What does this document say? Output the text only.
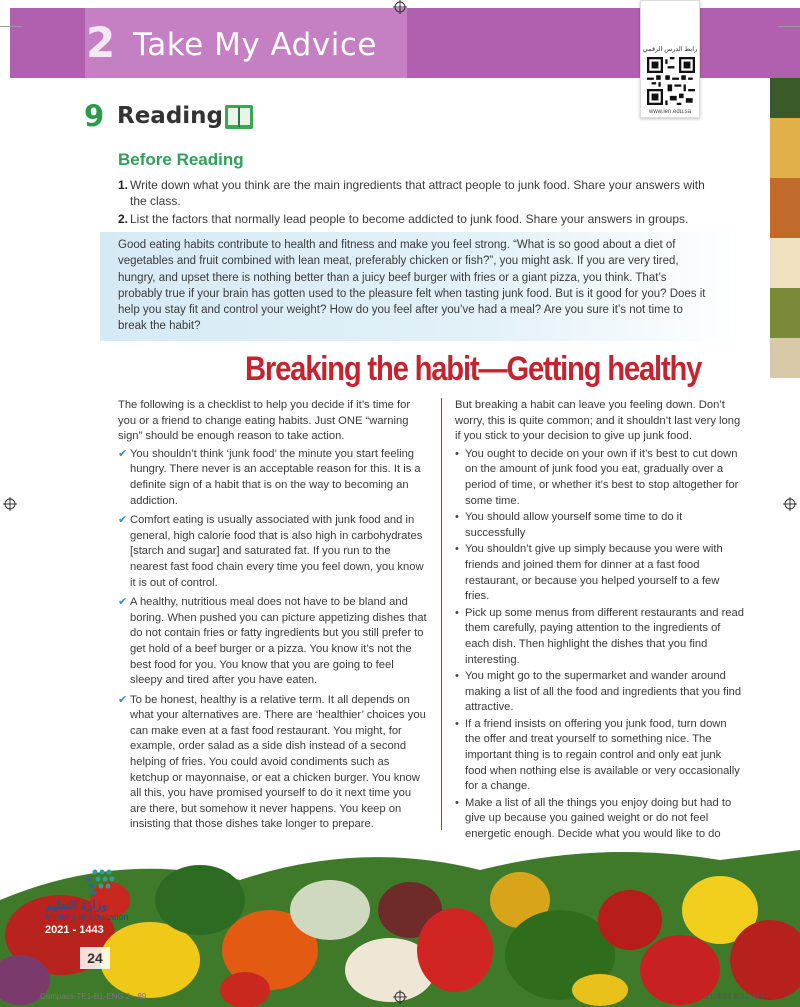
2 Take My Advice	رابط الدرس الرقمي
www.ien.edu.sa
9 Reading
Before Reading
1. Write down what you think are the main ingredients that attract people to junk food. Share your answers with the class.
2. List the factors that normally lead people to become addicted to junk food. Share your answers in groups.
Good eating habits contribute to health and fitness and make you feel strong. “What is so good about a diet of vegetables and fruit combined with lean meat, preferably chicken or fish?”, you might ask. If you are very tired, hungry, and upset there is nothing better than a juicy beef burger with fries or a giant pizza, you think. That’s probably true if your brain has gotten used to the pleasure felt when tasting junk food. But is it good for you? Does it help you stay fit and control your weight? How do you feel after you’ve had a meal? Are you sure it’s not time to break the habit?
Breaking the habit—Getting healthy
The following is a checklist to help you decide if it’s time for you or a friend to change eating habits. Just ONE “warning sign” should be enough reason to take action.
✔ You shouldn’t think ‘junk food’ the minute you start feeling hungry. There never is an acceptable reason for this. It is a definite sign of a habit that is on the way to becoming an addiction.
✔ Comfort eating is usually associated with junk food and in general, high calorie food that is also high in carbohydrates [starch and sugar] and saturated fat. If you run to the nearest fast food chain every time you feel down, you know it is out of control.
✔ A healthy, nutritious meal does not have to be bland and boring. When pushed you can picture appetizing dishes that do not contain fries or fatty ingredients but you still prefer to get hold of a beef burger or a pizza. You know it’s not the best food for you. You know that you are going to feel sleepy and tired after you have eaten.
✔ To be honest, healthy is a relative term. It all depends on what your alternatives are. There are ‘healthier’ choices you can make even at a fast food restaurant. You might, for example, order salad as a side dish instead of a second helping of fries. You could avoid condiments such as ketchup or mayonnaise, or eat a chicken burger. You know all this, you have promised yourself to do it next time you are there, but somehow it never happens. You keep on insisting that those dishes take longer to prepare.
But breaking a habit can leave you feeling down. Don’t worry, this is quite common; and it shouldn’t last very long if you stick to your decision to give up junk food.
• You ought to decide on your own if it’s best to cut down on the amount of junk food you eat, gradually over a period of time, or whether it’s best to stop altogether for some time.
• You should allow yourself some time to do it successfully
• You shouldn’t give up simply because you were with friends and joined them for dinner at a fast food restaurant, or because you helped yourself to a few fries.
• Pick up some menus from different restaurants and read them carefully, paying attention to the ingredients of each dish. Then highlight the dishes that you find interesting.
• You might go to the supermarket and wander around making a list of all the food and ingredients that you find attractive.
• If a friend insists on offering you junk food, turn down the offer and treat yourself to something nice. The important thing is to regain control and only eat junk food when nothing else is available or very occasionally for a change.
• Make a list of all the things you enjoy doing but had to give up because you gained weight or do not feel energetic enough. Decide what you would like to do
وزارة التعليم
Ministry of Education
2021 - 1443
24
Compass-TE1-B1-ENG 2 - 89	21/4/21 8:12 AM
